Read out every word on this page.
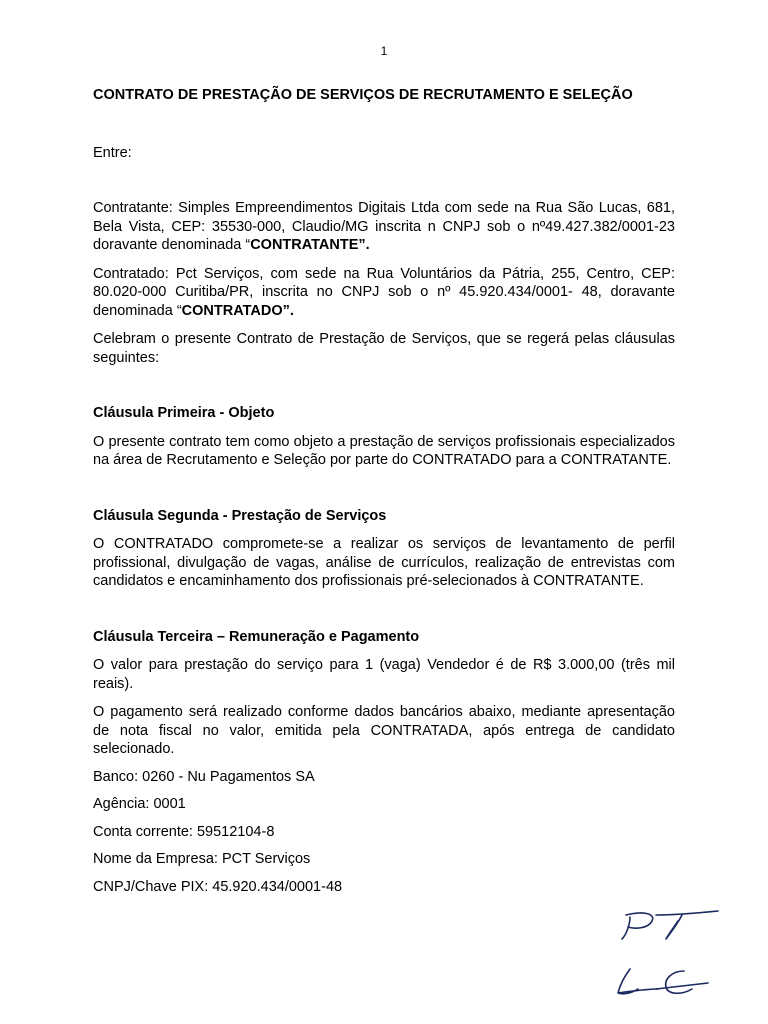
1

CONTRATO DE PRESTAÇÃO DE SERVIÇOS DE RECRUTAMENTO E SELEÇÃO

Entre:

Contratante: Simples Empreendimentos Digitais Ltda com sede na Rua São Lucas, 681, Bela Vista, CEP: 35530-000, Claudio/MG inscrita n CNPJ sob o nº49.427.382/0001-23 doravante denominada “CONTRATANTE”.

Contratado: Pct Serviços, com sede na Rua Voluntários da Pátria, 255, Centro, CEP: 80.020-000 Curitiba/PR, inscrita no CNPJ sob o nº 45.920.434/0001- 48, doravante denominada “CONTRATADO”.

Celebram o presente Contrato de Prestação de Serviços, que se regerá pelas cláusulas seguintes:

Cláusula Primeira - Objeto

O presente contrato tem como objeto a prestação de serviços profissionais especializados na área de Recrutamento e Seleção por parte do CONTRATADO para a CONTRATANTE.

Cláusula Segunda - Prestação de Serviços

O CONTRATADO compromete-se a realizar os serviços de levantamento de perfil profissional, divulgação de vagas, análise de currículos, realização de entrevistas com candidatos e encaminhamento dos profissionais pré-selecionados à CONTRATANTE.

Cláusula Terceira – Remuneração e Pagamento

O valor para prestação do serviço para 1 (vaga) Vendedor é de R$ 3.000,00 (três mil reais).

O pagamento será realizado conforme dados bancários abaixo, mediante apresentação de nota fiscal no valor, emitida pela CONTRATADA, após entrega de candidato selecionado.

Banco: 0260 - Nu Pagamentos SA

Agência: 0001

Conta corrente: 59512104-8

Nome da Empresa: PCT Serviços

CNPJ/Chave PIX: 45.920.434/0001-48
